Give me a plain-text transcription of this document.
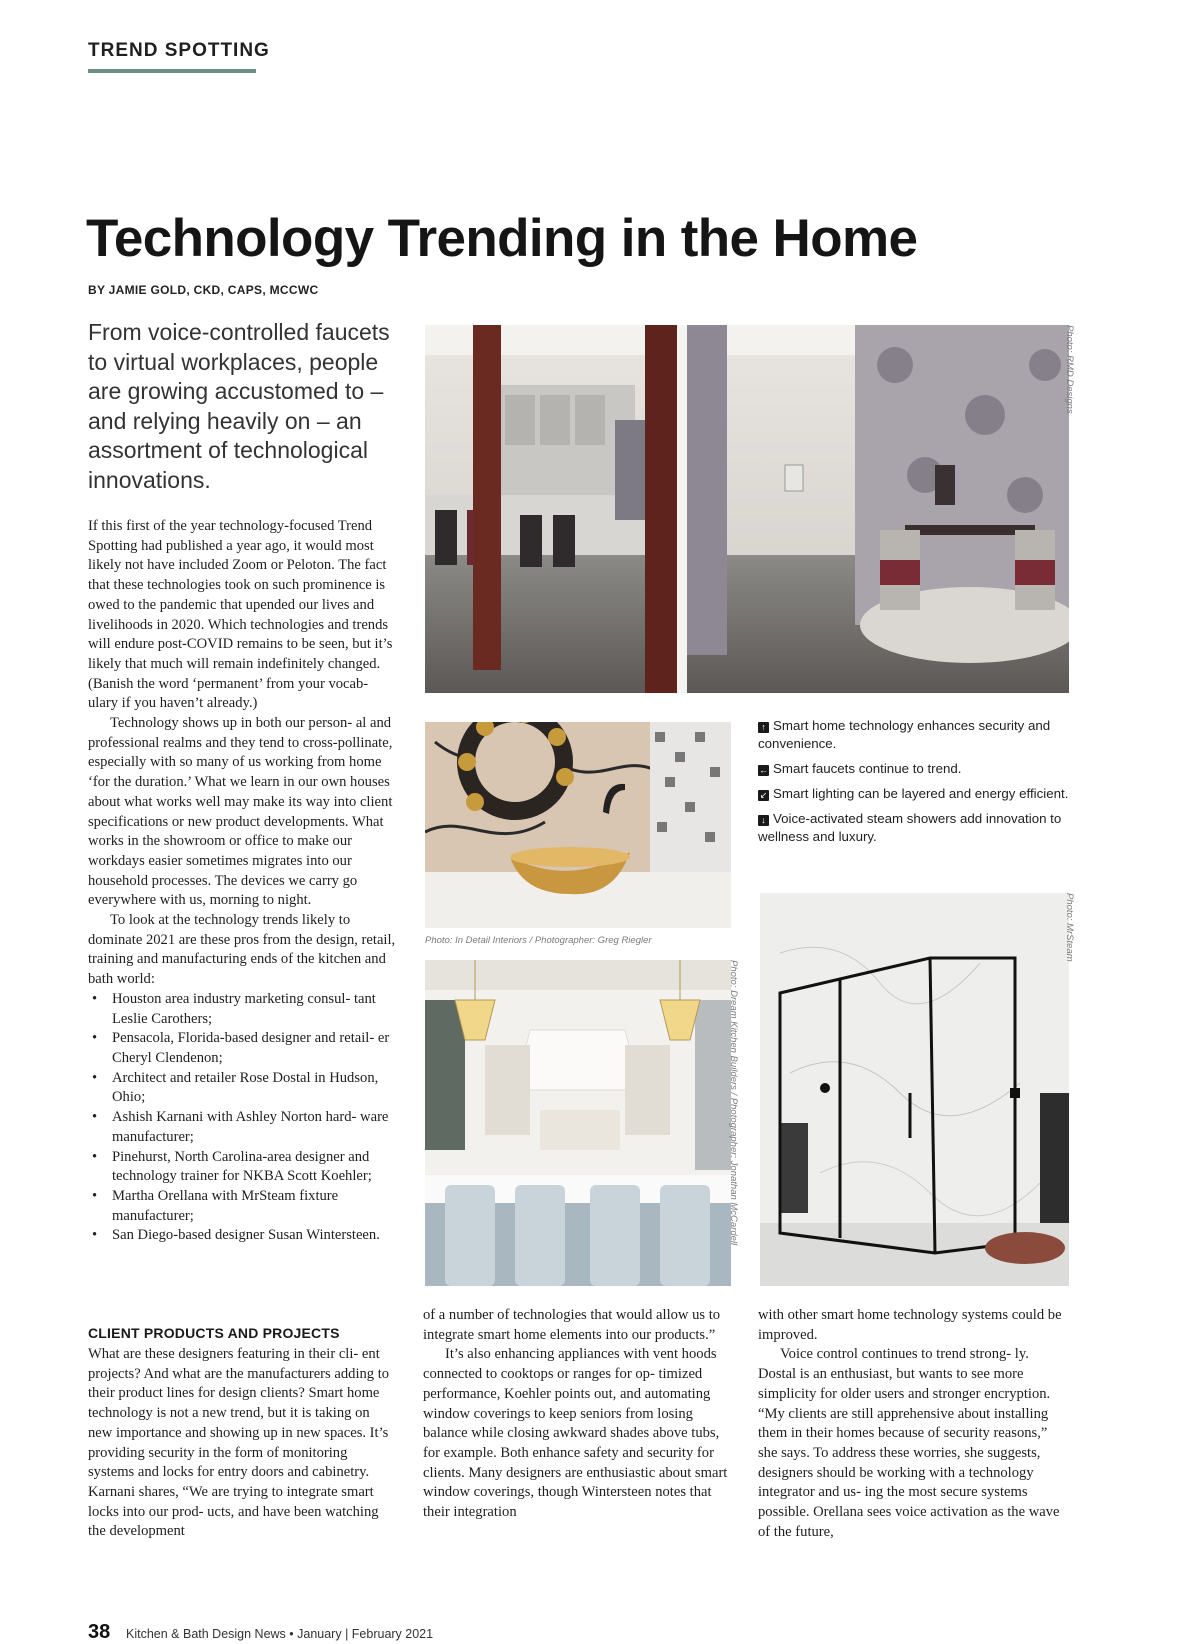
TREND SPOTTING
Technology Trending in the Home
BY JAMIE GOLD, CKD, CAPS, MCCWC
From voice-controlled faucets to virtual workplaces, people are growing accustomed to – and relying heavily on – an assortment of technological innovations.

If this first of the year technology-focused Trend Spotting had published a year ago, it would most likely not have included Zoom or Peloton. The fact that these technologies took on such prominence is owed to the pandemic that upended our lives and livelihoods in 2020. Which technologies and trends will endure post-COVID remains to be seen, but it’s likely that much will remain indefinitely changed. (Banish the word ‘permanent’ from your vocab- ulary if you haven’t already.)

Technology shows up in both our person- al and professional realms and they tend to cross-pollinate, especially with so many of us working from home ‘for the duration.’ What we learn in our own houses about what works well may make its way into client specifications or new product developments. What works in the showroom or office to make our workdays easier sometimes migrates into our household processes. The devices we carry go everywhere with us, morning to night.

To look at the technology trends likely to dominate 2021 are these pros from the design, retail, training and manufacturing ends of the kitchen and bath world:

• Houston area industry marketing consul- tant Leslie Carothers;
• Pensacola, Florida-based designer and retail- er Cheryl Clendenon;
• Architect and retailer Rose Dostal in Hudson, Ohio;
• Ashish Karnani with Ashley Norton hard- ware manufacturer;
• Pinehurst, North Carolina-area designer and technology trainer for NKBA Scott Koehler;
• Martha Orellana with MrSteam fixture manufacturer;
• San Diego-based designer Susan Wintersteen.
CLIENT PRODUCTS AND PROJECTS

What are these designers featuring in their cli- ent projects? And what are the manufacturers adding to their product lines for design clients? Smart home technology is not a new trend, but it is taking on new importance and showing up in new spaces. It’s providing security in the form of monitoring systems and locks for entry doors and cabinetry. Karnani shares, “We are trying to integrate smart locks into our prod- ucts, and have been watching the development

of a number of technologies that would allow us to integrate smart home elements into our products.”

It’s also enhancing appliances with vent hoods connected to cooktops or ranges for op- timized performance, Koehler points out, and automating window coverings to keep seniors from losing balance while closing awkward shades above tubs, for example. Both enhance safety and security for clients. Many designers are enthusiastic about smart window coverings, though Wintersteen notes that their integration

with other smart home technology systems could be improved.

Voice control continues to trend strong- ly. Dostal is an enthusiast, but wants to see more simplicity for older users and stronger encryption. “My clients are still apprehensive about installing them in their homes because of security reasons,” she says. To address these worries, she suggests, designers should be working with a technology integrator and us- ing the most secure systems possible. Orellana sees voice activation as the wave of the future,

↑ Smart home technology enhances security and convenience.
← Smart faucets continue to trend.
↙ Smart lighting can be layered and energy efficient.
↓ Voice-activated steam showers add innovation to wellness and luxury.
Photo: RMD Designs
Photo: In Detail Interiors / Photographer: Greg Riegler
Photo: Dream Kitchen Builders / Photographer: Jonathan McCardell
Photo: MrSteam
38 Kitchen & Bath Design News • January | February 2021
